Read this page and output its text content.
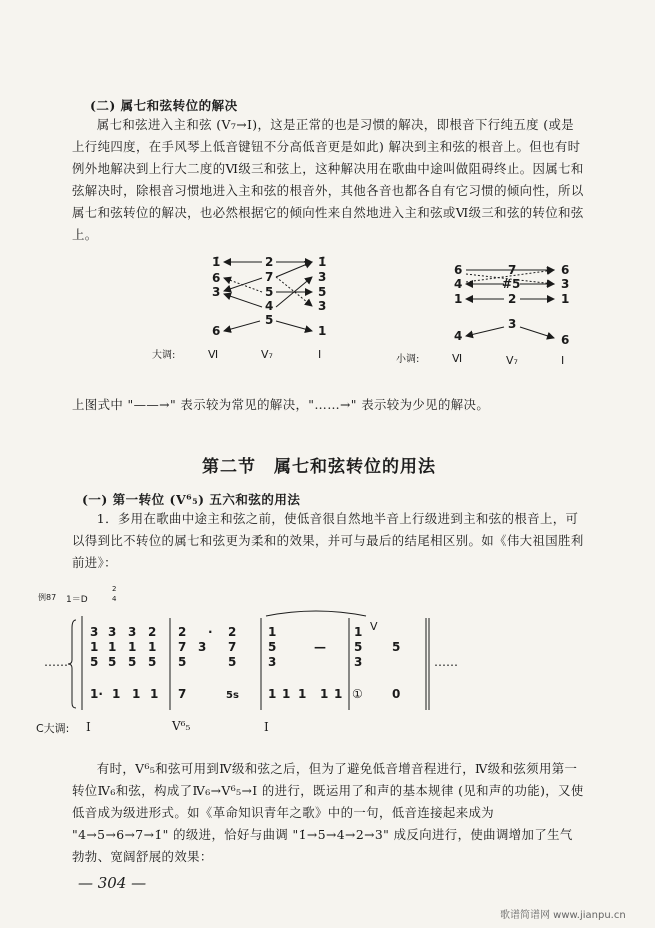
(二) 属七和弦转位的解决
属七和弦进入主和弦 (V₇→I)，这是正常的也是习惯的解决，即根音下行纯五度 (或是上行纯四度，在手风琴上低音键钮不分高低音更是如此) 解决到主和弦的根音上。但也有时例外地解决到上行大二度的Ⅵ级三和弦上，这种解决用在歌曲中途叫做阻碍终止。因属七和弦解决时，除根音习惯地进入主和弦的根音外，其他各音也都各自有它习惯的倾向性，所以属七和弦转位的解决，也必然根据它的倾向性来自然地进入主和弦或Ⅵ级三和弦的转位和弦上。
1̇
6
3
6
2
7
5
4
5
1̇
3
5
3
1
6
4
1
4
7
#5
2
3
6
3
1
6
大调:	Ⅵ	V₇	I	小调:	Ⅵ	V₇	I
上图式中 "——→" 表示较为常见的解决，"……→" 表示较为少见的解决。
第二节　属七和弦转位的用法
(一) 第一转位 (V⁶₅) 五六和弦的用法
1．多用在歌曲中途主和弦之前，使低音很自然地半音上行级进到主和弦的根音上，可以得到比不转位的属七和弦更为柔和的效果，并可与最后的结尾相区别。如《伟大祖国胜利前进》：
例87 1＝D
2
4
……	……
3 3 3 2
1 1 1 1
5 5 5 5
2 · 2
7 3 7
5	5
1
5
3
—
1
5
3
5
V
1· 1 1 1 7	5s 1 1 1 1 1 ① 0
C大调: I	V⁶₅	I
有时，V⁶₅和弦可用到Ⅳ级和弦之后，但为了避免低音增音程进行，Ⅳ级和弦须用第一转位Ⅳ₆和弦，构成了Ⅳ₆→V⁶₅→I 的进行，既运用了和声的基本规律 (见和声的功能)，又使低音成为级进形式。如《革命知识青年之歌》中的一句，低音连接起来成为 "4→5→6→7→1̇" 的级进，恰好与曲调 "1̇→5→4→2→3" 成反向进行，使曲调增加了生气勃勃、宽阔舒展的效果：
— 304 —
歌谱简谱网 www.jianpu.cn
